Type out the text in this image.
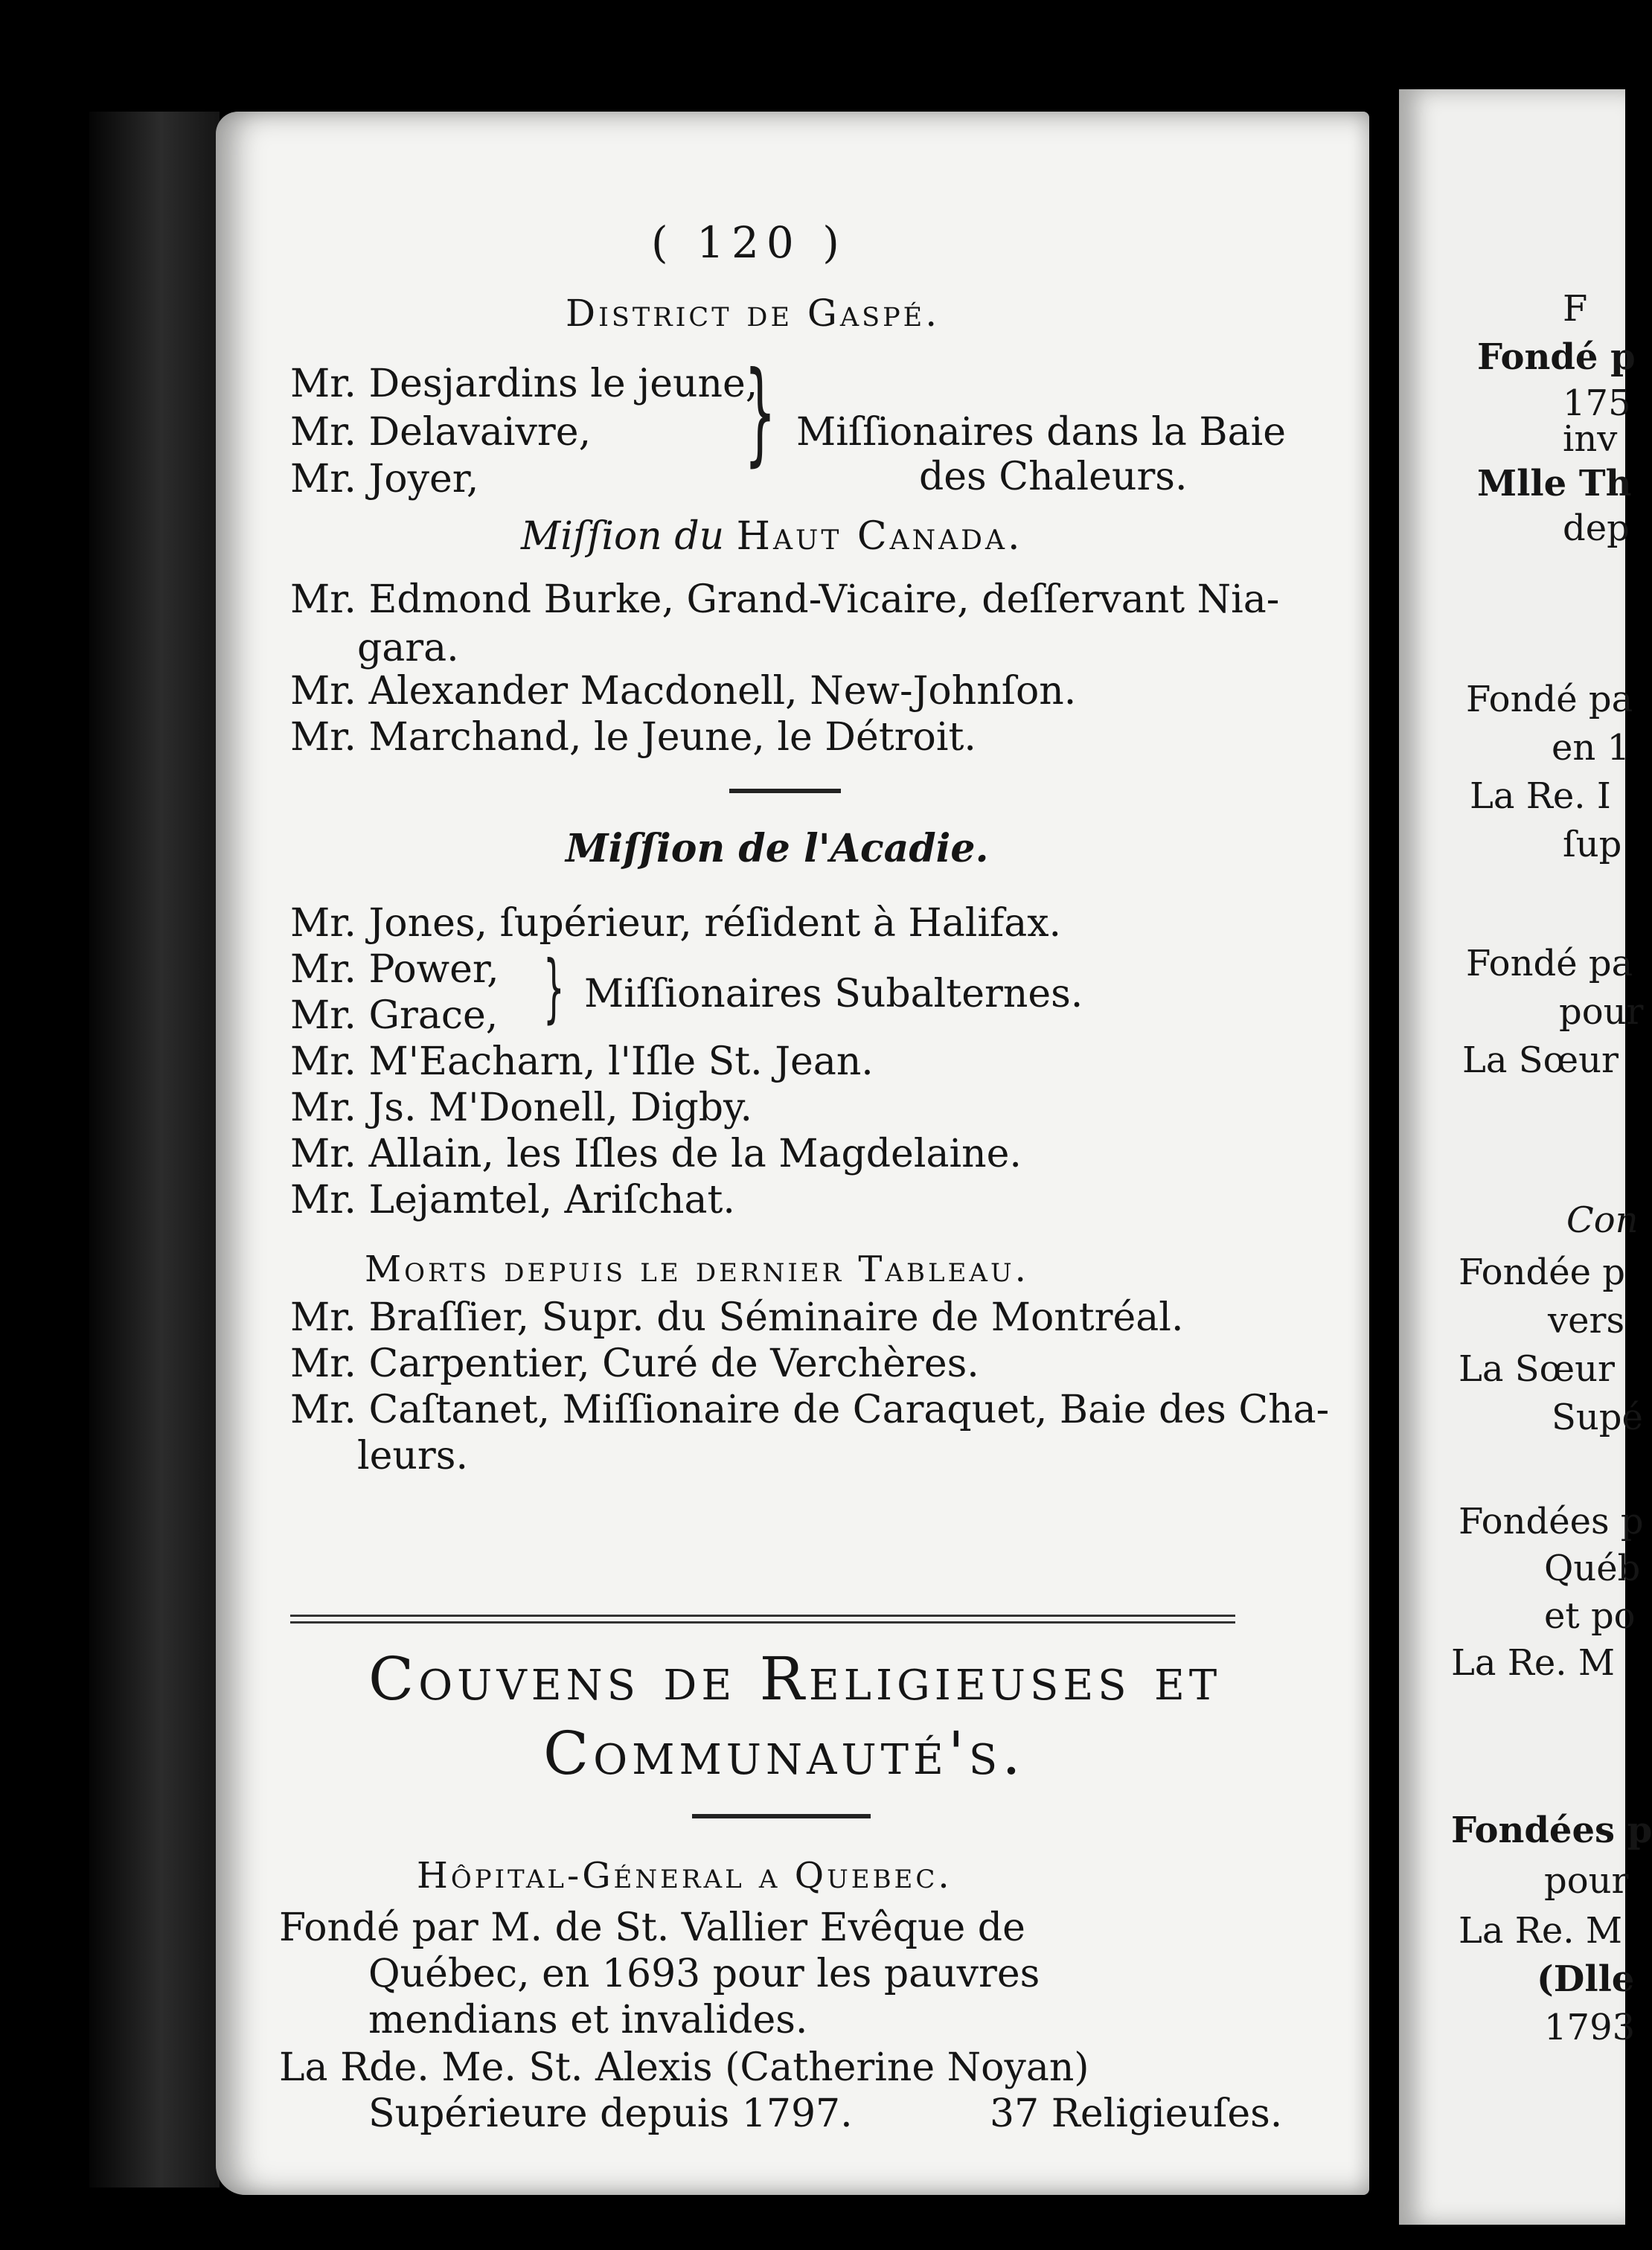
( 120 )
District de Gaspé.
Mr. Desjardins le jeune,
Mr. Delavaivre,
Mr. Joyer,
} Miſſionaires dans la Baie
des Chaleurs.
Miſſion du Haut Canada.
Mr. Edmond Burke, Grand-Vicaire, deſſervant Nia-
gara.
Mr. Alexander Macdonell, New-Johnſon.
Mr. Marchand, le Jeune, le Détroit.
Miſſion de l'Acadie.
Mr. Jones, ſupérieur, réſident à Halifax.
Mr. Power,
Mr. Grace, } Miſſionaires Subalternes.
Mr. M'Eacharn, l'Iſle St. Jean.
Mr. Js. M'Donell, Digby.
Mr. Allain, les Iſles de la Magdelaine.
Mr. Lejamtel, Ariſchat.
Morts depuis le dernier Tableau.
Mr. Braſſier, Supr. du Séminaire de Montréal.
Mr. Carpentier, Curé de Verchères.
Mr. Caſtanet, Miſſionaire de Caraquet, Baie des Cha-
leurs.
Couvens de Religieuses et
Communauté's.
Hôpital-Géneral a Quebec.
Fondé par M. de St. Vallier Evêque de
Québec, en 1693 pour les pauvres
mendians et invalides.
La Rde. Me. St. Alexis (Catherine Noyan)
Supérieure depuis 1797.	37 Religieuſes.
F
Fondé p
175
inv
Mlle Th
dep
Fondé pa
en 1
La Re. I
ſup
Fondé pa
pour
La Sœur
Con
Fondée p
vers
La Sœur
Supé
Fondées p
Québ
et po
La Re. M
Fondées p
pour
La Re. M
(Dlle
1793
